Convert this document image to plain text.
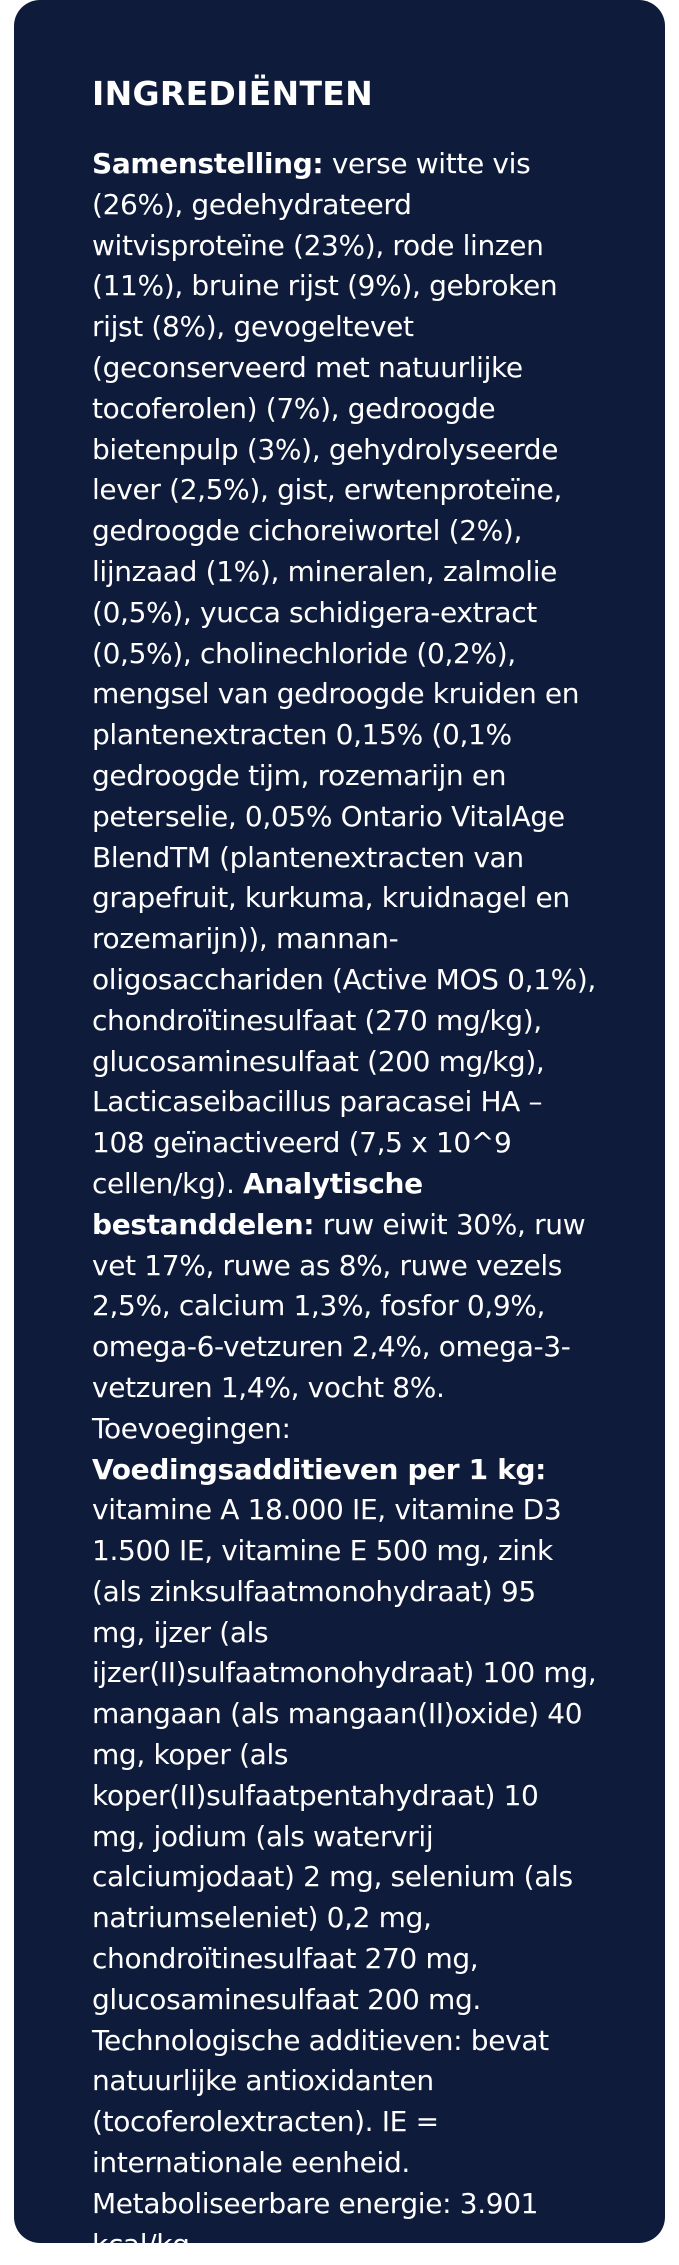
INGREDIËNTEN

Samenstelling: verse witte vis (26%), gedehydrateerd witvisproteïne (23%), rode linzen (11%), bruine rijst (9%), gebroken rijst (8%), gevogeltevet (geconserveerd met natuurlijke tocoferolen) (7%), gedroogde bietenpulp (3%), gehydrolyseerde lever (2,5%), gist, erwtenproteïne, gedroogde cichoreiwortel (2%), lijnzaad (1%), mineralen, zalmolie (0,5%), yucca schidigera-extract (0,5%), cholinechloride (0,2%), mengsel van gedroogde kruiden en plantenextracten 0,15% (0,1% gedroogde tijm, rozemarijn en peterselie, 0,05% Ontario VitalAge BlendTM (plantenextracten van grapefruit, kurkuma, kruidnagel en rozemarijn)), mannan-oligosacchariden (Active MOS 0,1%), chondroïtinesulfaat (270 mg/kg), glucosaminesulfaat (200 mg/kg), Lacticaseibacillus paracasei HA – 108 geïnactiveerd (7,5 x 10^9 cellen/kg). Analytische bestanddelen: ruw eiwit 30%, ruw vet 17%, ruwe as 8%, ruwe vezels 2,5%, calcium 1,3%, fosfor 0,9%, omega-6-vetzuren 2,4%, omega-3-vetzuren 1,4%, vocht 8%. Toevoegingen: Voedingsadditieven per 1 kg: vitamine A 18.000 IE, vitamine D3 1.500 IE, vitamine E 500 mg, zink (als zinksulfaatmonohydraat) 95 mg, ijzer (als ijzer(II)sulfaatmonohydraat) 100 mg, mangaan (als mangaan(II)oxide) 40 mg, koper (als koper(II)sulfaatpentahydraat) 10 mg, jodium (als watervrij calciumjodaat) 2 mg, selenium (als natriumseleniet) 0,2 mg, chondroïtinesulfaat 270 mg, glucosaminesulfaat 200 mg. Technologische additieven: bevat natuurlijke antioxidanten (tocoferolextracten). IE = internationale eenheid. Metaboliseerbare energie: 3.901 kcal/kg.
